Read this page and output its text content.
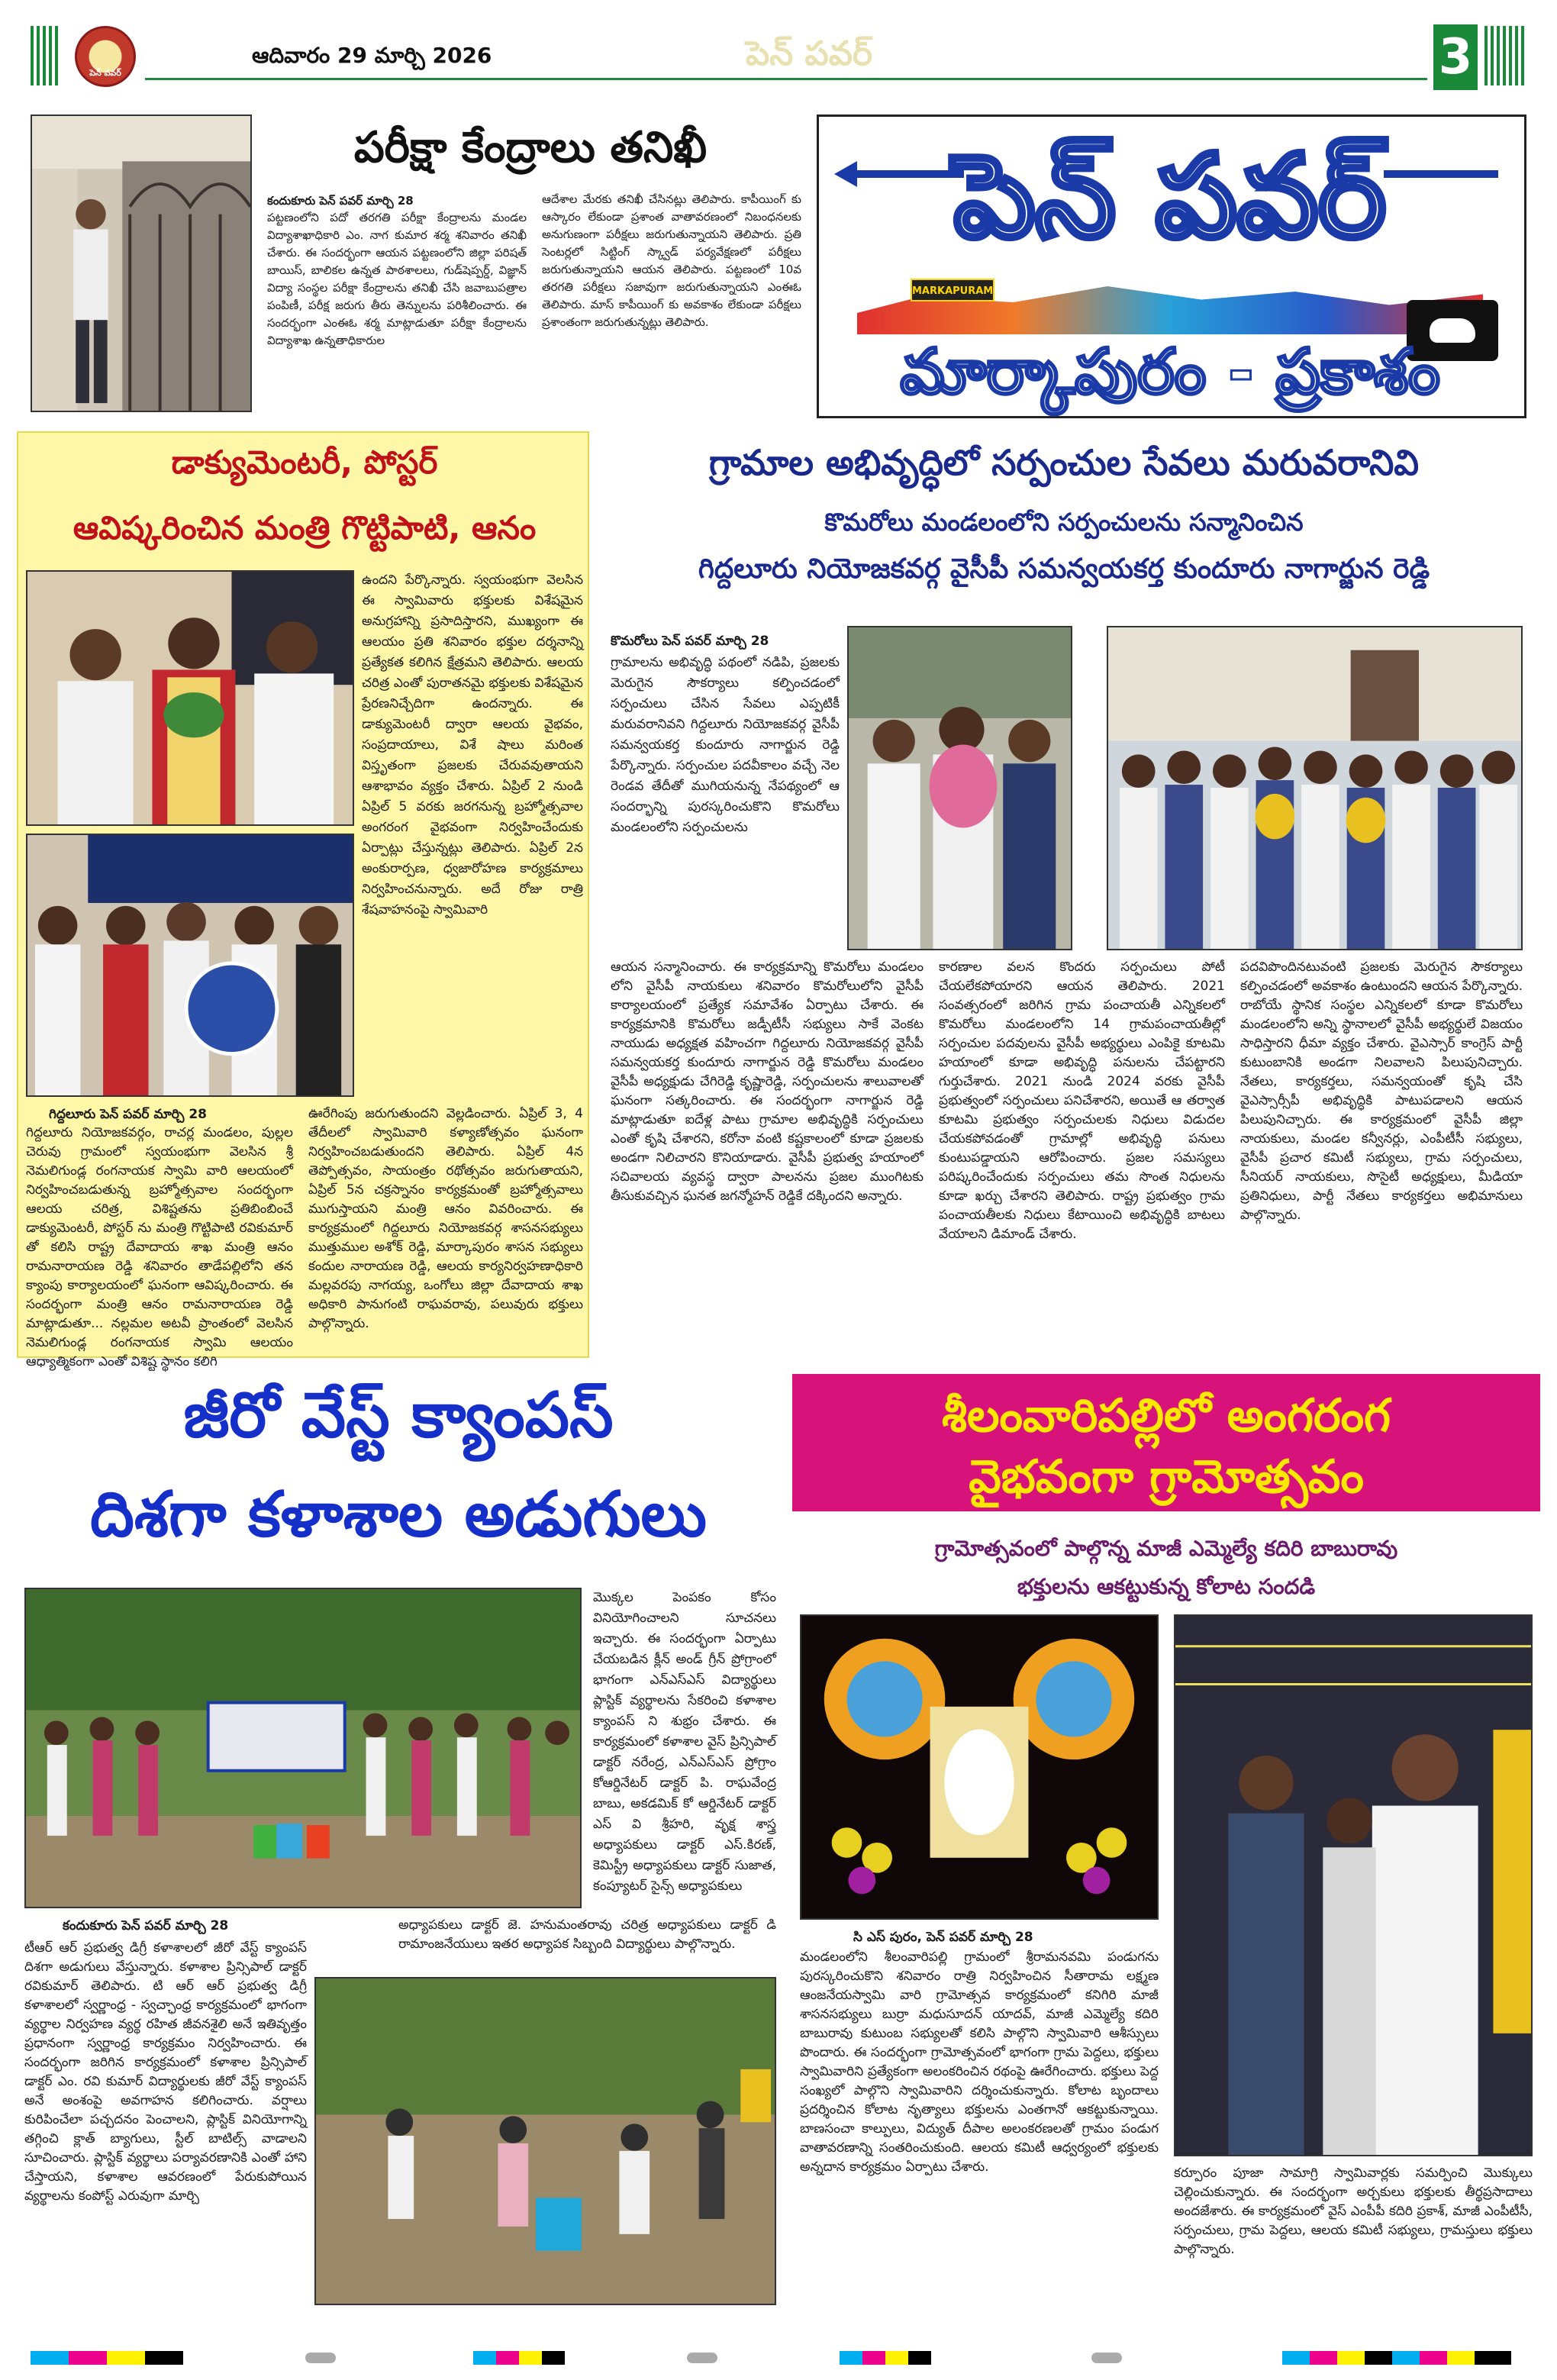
పెన్ పవర్
ఆదివారం 29 మార్చి 2026	పెన్ పవర్	3
పరీక్షా కేంద్రాలు తనిఖీ
కందుకూరు పెన్ పవర్ మార్చి 28
పట్టణంలోని పదో తరగతి పరీక్షా కేంద్రాలను మండల విద్యాశాఖాధికారి ఎం. నాగ కుమార శర్మ శనివారం తనిఖీ చేశారు. ఈ సందర్భంగా ఆయన పట్టణంలోని జిల్లా పరిషత్ బాయిస్, బాలికల ఉన్నత పాఠశాలలు, గుడ్‌షెప్పర్డ్, విజ్ఞాన్ విద్యా సంస్థల పరీక్షా కేంద్రాలను తనిఖీ చేసి జవాబుపత్రాల పంపిణీ, పరీక్ష జరుగు తీరు తెన్నులను పరిశీలించారు. ఈ సందర్భంగా ఎంఈఓ శర్మ మాట్లాడుతూ పరీక్షా కేంద్రాలను విద్యాశాఖ ఉన్నతాధికారుల
ఆదేశాల మేరకు తనిఖీ చేసినట్లు తెలిపారు. కాపీయింగ్ కు ఆస్కారం లేకుండా ప్రశాంత వాతావరణంలో నిబంధనలకు అనుగుణంగా పరీక్షలు జరుగుతున్నాయని తెలిపారు. ప్రతి సెంటర్లలో సిట్టింగ్ స్క్వాడ్ పర్యవేక్షణలో పరీక్షలు జరుగుతున్నాయని ఆయన తెలిపారు. పట్టణంలో 10వ తరగతి పరీక్షలు సజావుగా జరుగుతున్నాయని ఎంఈఓ తెలిపారు. మాస్ కాపీయింగ్ కు అవకాశం లేకుండా పరీక్షలు ప్రశాంతంగా జరుగుతున్నట్లు తెలిపారు.
పెన్ పవర్
MARKAPURAM
మార్కాపురం - ప్రకాశం
డాక్యుమెంటరీ, పోస్టర్
ఆవిష్కరించిన మంత్రి గొట్టిపాటి, ఆనం
ఉందని పేర్కొన్నారు. స్వయంభుగా వెలసిన ఈ స్వామివారు భక్తులకు విశేషమైన అనుగ్రహాన్ని ప్రసాదిస్తారని, ముఖ్యంగా ఈ ఆలయం ప్రతి శనివారం భక్తుల దర్శనాన్ని ప్రత్యేకత కలిగిన క్షేత్రమని తెలిపారు. ఆలయ చరిత్ర ఎంతో పురాతనమై భక్తులకు విశేషమైన ప్రేరణనిచ్చేదిగా ఉందన్నారు. ఈ డాక్యుమెంటరీ ద్వారా ఆలయ వైభవం, సంప్రదాయాలు, విశే షాలు మరింత విస్తృతంగా ప్రజలకు చేరువవుతాయని ఆశాభావం వ్యక్తం చేశారు. ఏప్రిల్ 2 నుండి ఏప్రిల్ 5 వరకు జరగనున్న బ్రహ్మోత్సవాల అంగరంగ వైభవంగా నిర్వహించేందుకు ఏర్పాట్లు చేస్తున్నట్లు తెలిపారు. ఏప్రిల్ 2న అంకురార్పణ, ధ్వజారోహణ కార్యక్రమాలు నిర్వహించనున్నారు. అదే రోజు రాత్రి శేషవాహనంపై స్వామివారి
గిద్దలూరు పెన్ పవర్ మార్చి 28
గిద్దలూరు నియోజకవర్గం, రాచర్ల మండలం, పుల్లల చెరువు గ్రామంలో స్వయంభుగా వెలసిన శ్రీ నెమలిగుండ్ల రంగనాయక స్వామి వారి ఆలయంలో నిర్వహించబడుతున్న బ్రహ్మోత్సవాల సందర్భంగా ఆలయ చరిత్ర, విశిష్టతను ప్రతిబింబించే డాక్యుమెంటరీ, పోస్టర్ ను మంత్రి గొట్టిపాటి రవికుమార్ తో కలిసి రాష్ట్ర దేవాదాయ శాఖ మంత్రి ఆనం రామనారాయణ రెడ్డి శనివారం తాడేపల్లిలోని తన క్యాంపు కార్యాలయంలో ఘనంగా ఆవిష్కరించారు. ఈ సందర్భంగా మంత్రి ఆనం రామనారాయణ రెడ్డి మాట్లాడుతూ... నల్లమల అటవీ ప్రాంతంలో వెలసిన నెమలిగుండ్ల రంగనాయక స్వామి ఆలయం ఆధ్యాత్మికంగా ఎంతో విశిష్ట స్థానం కలిగి
ఊరేగింపు జరుగుతుందని వెల్లడించారు. ఏప్రిల్ 3, 4 తేదీలలో స్వామివారి కళ్యాణోత్సవం ఘనంగా నిర్వహించబడుతుందని తెలిపారు. ఏప్రిల్ 4న తెప్పోత్సవం, సాయంత్రం రథోత్సవం జరుగుతాయని, ఏప్రిల్ 5న చక్రస్నానం కార్యక్రమంతో బ్రహ్మోత్సవాలు ముగుస్తాయని మంత్రి ఆనం వివరించారు. ఈ కార్యక్రమంలో గిద్దలూరు నియోజకవర్గ శాసనసభ్యులు ముత్తుముల అశోక్ రెడ్డి, మార్కాపురం శాసన సభ్యులు కందుల నారాయణ రెడ్డి, ఆలయ కార్యనిర్వహణాధికారి మల్లవరపు నాగయ్య, ఒంగోలు జిల్లా దేవాదాయ శాఖ అధికారి పానుగంటి రాఘవరావు, పలువురు భక్తులు పాల్గొన్నారు.
గ్రామాల అభివృద్ధిలో సర్పంచుల సేవలు మరువరానివి
కొమరోలు మండలంలోని సర్పంచులను సన్మానించిన
గిద్దలూరు నియోజకవర్గ వైసీపీ సమన్వయకర్త కుందూరు నాగార్జున రెడ్డి
కొమరోలు పెన్ పవర్ మార్చి 28
గ్రామాలను అభివృద్ధి పథంలో నడిపి, ప్రజలకు మెరుగైన సౌకర్యాలు కల్పించడంలో సర్పంచులు చేసిన సేవలు ఎప్పటికీ మరువరానివని గిద్దలూరు నియోజకవర్గ వైసీపీ సమన్వయకర్త కుందూరు నాగార్జున రెడ్డి పేర్కొన్నారు. సర్పంచుల పదవీకాలం వచ్చే నెల రెండవ తేదీతో ముగియనున్న నేపథ్యంలో ఆ సందర్భాన్ని పురస్కరించుకొని కొమరోలు మండలంలోని సర్పంచులను
ఆయన సన్మానించారు. ఈ కార్యక్రమాన్ని కొమరోలు మండలం లోని వైసీపీ నాయకులు శనివారం కొమరోలులోని వైసీపీ కార్యాలయంలో ప్రత్యేక సమావేశం ఏర్పాటు చేశారు. ఈ కార్యక్రమానికి కొమరోలు జడ్పీటీసీ సభ్యులు సాకే వెంకట నాయుడు అధ్యక్షత వహించగా గిద్దలూరు నియోజకవర్గ వైసీపీ సమన్వయకర్త కుందూరు నాగార్జున రెడ్డి కొమరోలు మండలం వైసీపీ అధ్యక్షుడు చేగిరెడ్డి కృష్ణారెడ్డి, సర్పంచులను శాలువాలతో ఘనంగా సత్కరించారు. ఈ సందర్భంగా నాగార్జున రెడ్డి మాట్లాడుతూ ఐదేళ్ల పాటు గ్రామాల అభివృద్ధికి సర్పంచులు ఎంతో కృషి చేశారని, కరోనా వంటి కష్టకాలంలో కూడా ప్రజలకు అండగా నిలిచారని కొనియాడారు. వైసీపీ ప్రభుత్వ హయాంలో సచివాలయ వ్యవస్థ ద్వారా పాలనను ప్రజల ముంగిటకు తీసుకువచ్చిన ఘనత జగన్మోహన్ రెడ్డికే దక్కిందని అన్నారు.
కారణాల వలన కొందరు సర్పంచులు పోటీ చేయలేకపోయారని ఆయన తెలిపారు. 2021 సంవత్సరంలో జరిగిన గ్రామ పంచాయతీ ఎన్నికలలో కొమరోలు మండలంలోని 14 గ్రామపంచాయతీల్లో సర్పంచుల పదవులను వైసీపీ అభ్యర్థులు ఎంపికై కూటమి హయాంలో కూడా అభివృద్ధి పనులను చేపట్టారని గుర్తుచేశారు. 2021 నుండి 2024 వరకు వైసీపీ ప్రభుత్వంలో సర్పంచులు పనిచేశారని, అయితే ఆ తర్వాత కూటమి ప్రభుత్వం సర్పంచులకు నిధులు విడుదల చేయకపోవడంతో గ్రామాల్లో అభివృద్ధి పనులు కుంటుపడ్డాయని ఆరోపించారు. ప్రజల సమస్యలు పరిష్కరించేందుకు సర్పంచులు తమ సొంత నిధులను కూడా ఖర్చు చేశారని తెలిపారు. రాష్ట్ర ప్రభుత్వం గ్రామ పంచాయతీలకు నిధులు కేటాయించి అభివృద్ధికి బాటలు వేయాలని డిమాండ్ చేశారు.
పదవిపొందినటువంటి ప్రజలకు మెరుగైన సౌకర్యాలు కల్పించడంలో అవకాశం ఉంటుందని ఆయన పేర్కొన్నారు. రాబోయే స్థానిక సంస్థల ఎన్నికలలో కూడా కొమరోలు మండలంలోని అన్ని స్థానాలలో వైసీపీ అభ్యర్థులే విజయం సాధిస్తారని ధీమా వ్యక్తం చేశారు. వైఎస్సార్ కాంగ్రెస్ పార్టీ కుటుంబానికి అండగా నిలవాలని పిలుపునిచ్చారు. నేతలు, కార్యకర్తలు, సమన్వయంతో కృషి చేసి వైఎస్సార్సీపీ అభివృద్ధికి పాటుపడాలని ఆయన పిలుపునిచ్చారు. ఈ కార్యక్రమంలో వైసీపీ జిల్లా నాయకులు, మండల కన్వీనర్లు, ఎంపీటీసీ సభ్యులు, వైసీపీ ప్రచార కమిటీ సభ్యులు, గ్రామ సర్పంచులు, సీనియర్ నాయకులు, సొసైటీ అధ్యక్షులు, మీడియా ప్రతినిధులు, పార్టీ నేతలు కార్యకర్తలు అభిమానులు పాల్గొన్నారు.
జీరో వేస్ట్ క్యాంపస్
దిశగా కళాశాల అడుగులు
మొక్కల పెంపకం కోసం వినియోగించాలని సూచనలు ఇచ్చారు. ఈ సందర్భంగా ఏర్పాటు చేయబడిన క్లీన్ అండ్ గ్రీన్ ప్రోగ్రాంలో భాగంగా ఎన్ఎస్ఎస్ విద్యార్థులు ప్లాస్టిక్ వ్యర్థాలను సేకరించి కళాశాల క్యాంపస్ ని శుభ్రం చేశారు. ఈ కార్యక్రమంలో కళాశాల వైస్ ప్రిన్సిపాల్ డాక్టర్ నరేంద్ర, ఎన్ఎస్ఎస్ ప్రోగ్రాం కోఆర్డినేటర్ డాక్టర్ పి. రాఘవేంద్ర బాబు, అకడమిక్ కో ఆర్డినేటర్ డాక్టర్ ఎస్ వి శ్రీహరి, వృక్ష శాస్త్ర అధ్యాపకులు డాక్టర్ ఎస్.కిరణ్, కెమిస్ట్రీ అధ్యాపకులు డాక్టర్ సుజాత, కంప్యూటర్ సైన్స్ అధ్యాపకులు
కందుకూరు పెన్ పవర్ మార్చి 28	అధ్యాపకులు డాక్టర్ జె. హనుమంతరావు చరిత్ర అధ్యాపకులు డాక్టర్ డి రామాంజనేయులు ఇతర అధ్యాపక సిబ్బంది విద్యార్థులు పాల్గొన్నారు.
టీఆర్ ఆర్ ప్రభుత్వ డిగ్రీ కళాశాలలో జీరో వేస్ట్ క్యాంపస్ దిశగా అడుగులు వేస్తున్నారు. కళాశాల ప్రిన్సిపాల్ డాక్టర్ రవికుమార్ తెలిపారు. టి ఆర్ ఆర్ ప్రభుత్వ డిగ్రీ కళాశాలలో స్వర్ణాంధ్ర - స్వచ్ఛాంధ్ర కార్యక్రమంలో భాగంగా వ్యర్థాల నిర్వహణ వ్యర్థ రహిత జీవనశైలి అనే ఇతివృత్తం ప్రధానంగా స్వర్ణాంధ్ర కార్యక్రమం నిర్వహించారు. ఈ సందర్భంగా జరిగిన కార్యక్రమంలో కళాశాల ప్రిన్సిపాల్ డాక్టర్ ఎం. రవి కుమార్ విద్యార్థులకు జీరో వేస్ట్ క్యాంపస్ అనే అంశంపై అవగాహన కలిగించారు. వర్షాలు కురిపించేలా పచ్చదనం పెంచాలని, ప్లాస్టిక్ వినియోగాన్ని తగ్గించి క్లాత్ బ్యాగులు, స్టీల్ బాటిల్స్ వాడాలని సూచించారు. ప్లాస్టిక్ వ్యర్థాలు పర్యావరణానికి ఎంతో హాని చేస్తాయని, కళాశాల ఆవరణంలో పేరుకుపోయిన వ్యర్థాలను కంపోస్ట్ ఎరువుగా మార్చి
శీలంవారిపల్లిలో అంగరంగ
వైభవంగా గ్రామోత్సవం
గ్రామోత్సవంలో పాల్గొన్న మాజీ ఎమ్మెల్యే కదిరి బాబురావు
భక్తులను ఆకట్టుకున్న కోలాట సందడి
సి ఎస్ పురం, పెన్ పవర్ మార్చి 28
మండలంలోని శీలంవారిపల్లి గ్రామంలో శ్రీరామనవమి పండుగను పురస్కరించుకొని శనివారం రాత్రి నిర్వహించిన సీతారామ లక్ష్మణ ఆంజనేయస్వామి వారి గ్రామోత్సవ కార్యక్రమంలో కనిగిరి మాజీ శాసనసభ్యులు బుర్రా మధుసూదన్ యాదవ్, మాజీ ఎమ్మెల్యే కదిరి బాబురావు కుటుంబ సభ్యులతో కలిసి పాల్గొని స్వామివారి ఆశీస్సులు పొందారు. ఈ సందర్భంగా గ్రామోత్సవంలో భాగంగా గ్రామ పెద్దలు, భక్తులు స్వామివారిని ప్రత్యేకంగా అలంకరించిన రథంపై ఊరేగించారు. భక్తులు పెద్ద సంఖ్యలో పాల్గొని స్వామివారిని దర్శించుకున్నారు. కోలాట బృందాలు ప్రదర్శించిన కోలాట నృత్యాలు భక్తులను ఎంతగానో ఆకట్టుకున్నాయి. బాణసంచా కాల్పులు, విద్యుత్ దీపాల అలంకరణలతో గ్రామం పండుగ వాతావరణాన్ని సంతరించుకుంది. ఆలయ కమిటీ ఆధ్వర్యంలో భక్తులకు అన్నదాన కార్యక్రమం ఏర్పాటు చేశారు.	కర్పూరం పూజా సామాగ్రి స్వామివార్లకు సమర్పించి మొక్కులు చెల్లించుకున్నారు. ఈ సందర్భంగా అర్చకులు భక్తులకు తీర్థప్రసాదాలు అందజేశారు. ఈ కార్యక్రమంలో వైస్ ఎంపీపీ కదిరి ప్రకాశ్, మాజీ ఎంపీటీసీ, సర్పంచులు, గ్రామ పెద్దలు, ఆలయ కమిటీ సభ్యులు, గ్రామస్తులు భక్తులు పాల్గొన్నారు.
